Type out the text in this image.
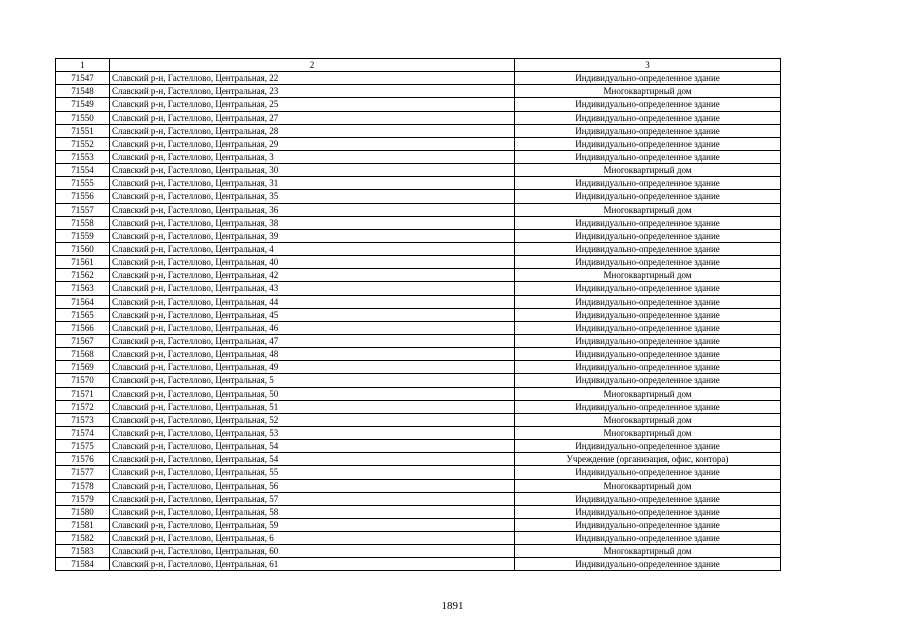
1	2	3
71547	Славский р-н, Гастеллово, Центральная, 22	Индивидуально-определенное здание
71548	Славский р-н, Гастеллово, Центральная, 23	Многоквартирный дом
71549	Славский р-н, Гастеллово, Центральная, 25	Индивидуально-определенное здание
71550	Славский р-н, Гастеллово, Центральная, 27	Индивидуально-определенное здание
71551	Славский р-н, Гастеллово, Центральная, 28	Индивидуально-определенное здание
71552	Славский р-н, Гастеллово, Центральная, 29	Индивидуально-определенное здание
71553	Славский р-н, Гастеллово, Центральная, 3	Индивидуально-определенное здание
71554	Славский р-н, Гастеллово, Центральная, 30	Многоквартирный дом
71555	Славский р-н, Гастеллово, Центральная, 31	Индивидуально-определенное здание
71556	Славский р-н, Гастеллово, Центральная, 35	Индивидуально-определенное здание
71557	Славский р-н, Гастеллово, Центральная, 36	Многоквартирный дом
71558	Славский р-н, Гастеллово, Центральная, 38	Индивидуально-определенное здание
71559	Славский р-н, Гастеллово, Центральная, 39	Индивидуально-определенное здание
71560	Славский р-н, Гастеллово, Центральная, 4	Индивидуально-определенное здание
71561	Славский р-н, Гастеллово, Центральная, 40	Индивидуально-определенное здание
71562	Славский р-н, Гастеллово, Центральная, 42	Многоквартирный дом
71563	Славский р-н, Гастеллово, Центральная, 43	Индивидуально-определенное здание
71564	Славский р-н, Гастеллово, Центральная, 44	Индивидуально-определенное здание
71565	Славский р-н, Гастеллово, Центральная, 45	Индивидуально-определенное здание
71566	Славский р-н, Гастеллово, Центральная, 46	Индивидуально-определенное здание
71567	Славский р-н, Гастеллово, Центральная, 47	Индивидуально-определенное здание
71568	Славский р-н, Гастеллово, Центральная, 48	Индивидуально-определенное здание
71569	Славский р-н, Гастеллово, Центральная, 49	Индивидуально-определенное здание
71570	Славский р-н, Гастеллово, Центральная, 5	Индивидуально-определенное здание
71571	Славский р-н, Гастеллово, Центральная, 50	Многоквартирный дом
71572	Славский р-н, Гастеллово, Центральная, 51	Индивидуально-определенное здание
71573	Славский р-н, Гастеллово, Центральная, 52	Многоквартирный дом
71574	Славский р-н, Гастеллово, Центральная, 53	Многоквартирный дом
71575	Славский р-н, Гастеллово, Центральная, 54	Индивидуально-определенное здание
71576	Славский р-н, Гастеллово, Центральная, 54	Учреждение (организация, офис, контора)
71577	Славский р-н, Гастеллово, Центральная, 55	Индивидуально-определенное здание
71578	Славский р-н, Гастеллово, Центральная, 56	Многоквартирный дом
71579	Славский р-н, Гастеллово, Центральная, 57	Индивидуально-определенное здание
71580	Славский р-н, Гастеллово, Центральная, 58	Индивидуально-определенное здание
71581	Славский р-н, Гастеллово, Центральная, 59	Индивидуально-определенное здание
71582	Славский р-н, Гастеллово, Центральная, 6	Индивидуально-определенное здание
71583	Славский р-н, Гастеллово, Центральная, 60	Многоквартирный дом
71584	Славский р-н, Гастеллово, Центральная, 61	Индивидуально-определенное здание
1891
